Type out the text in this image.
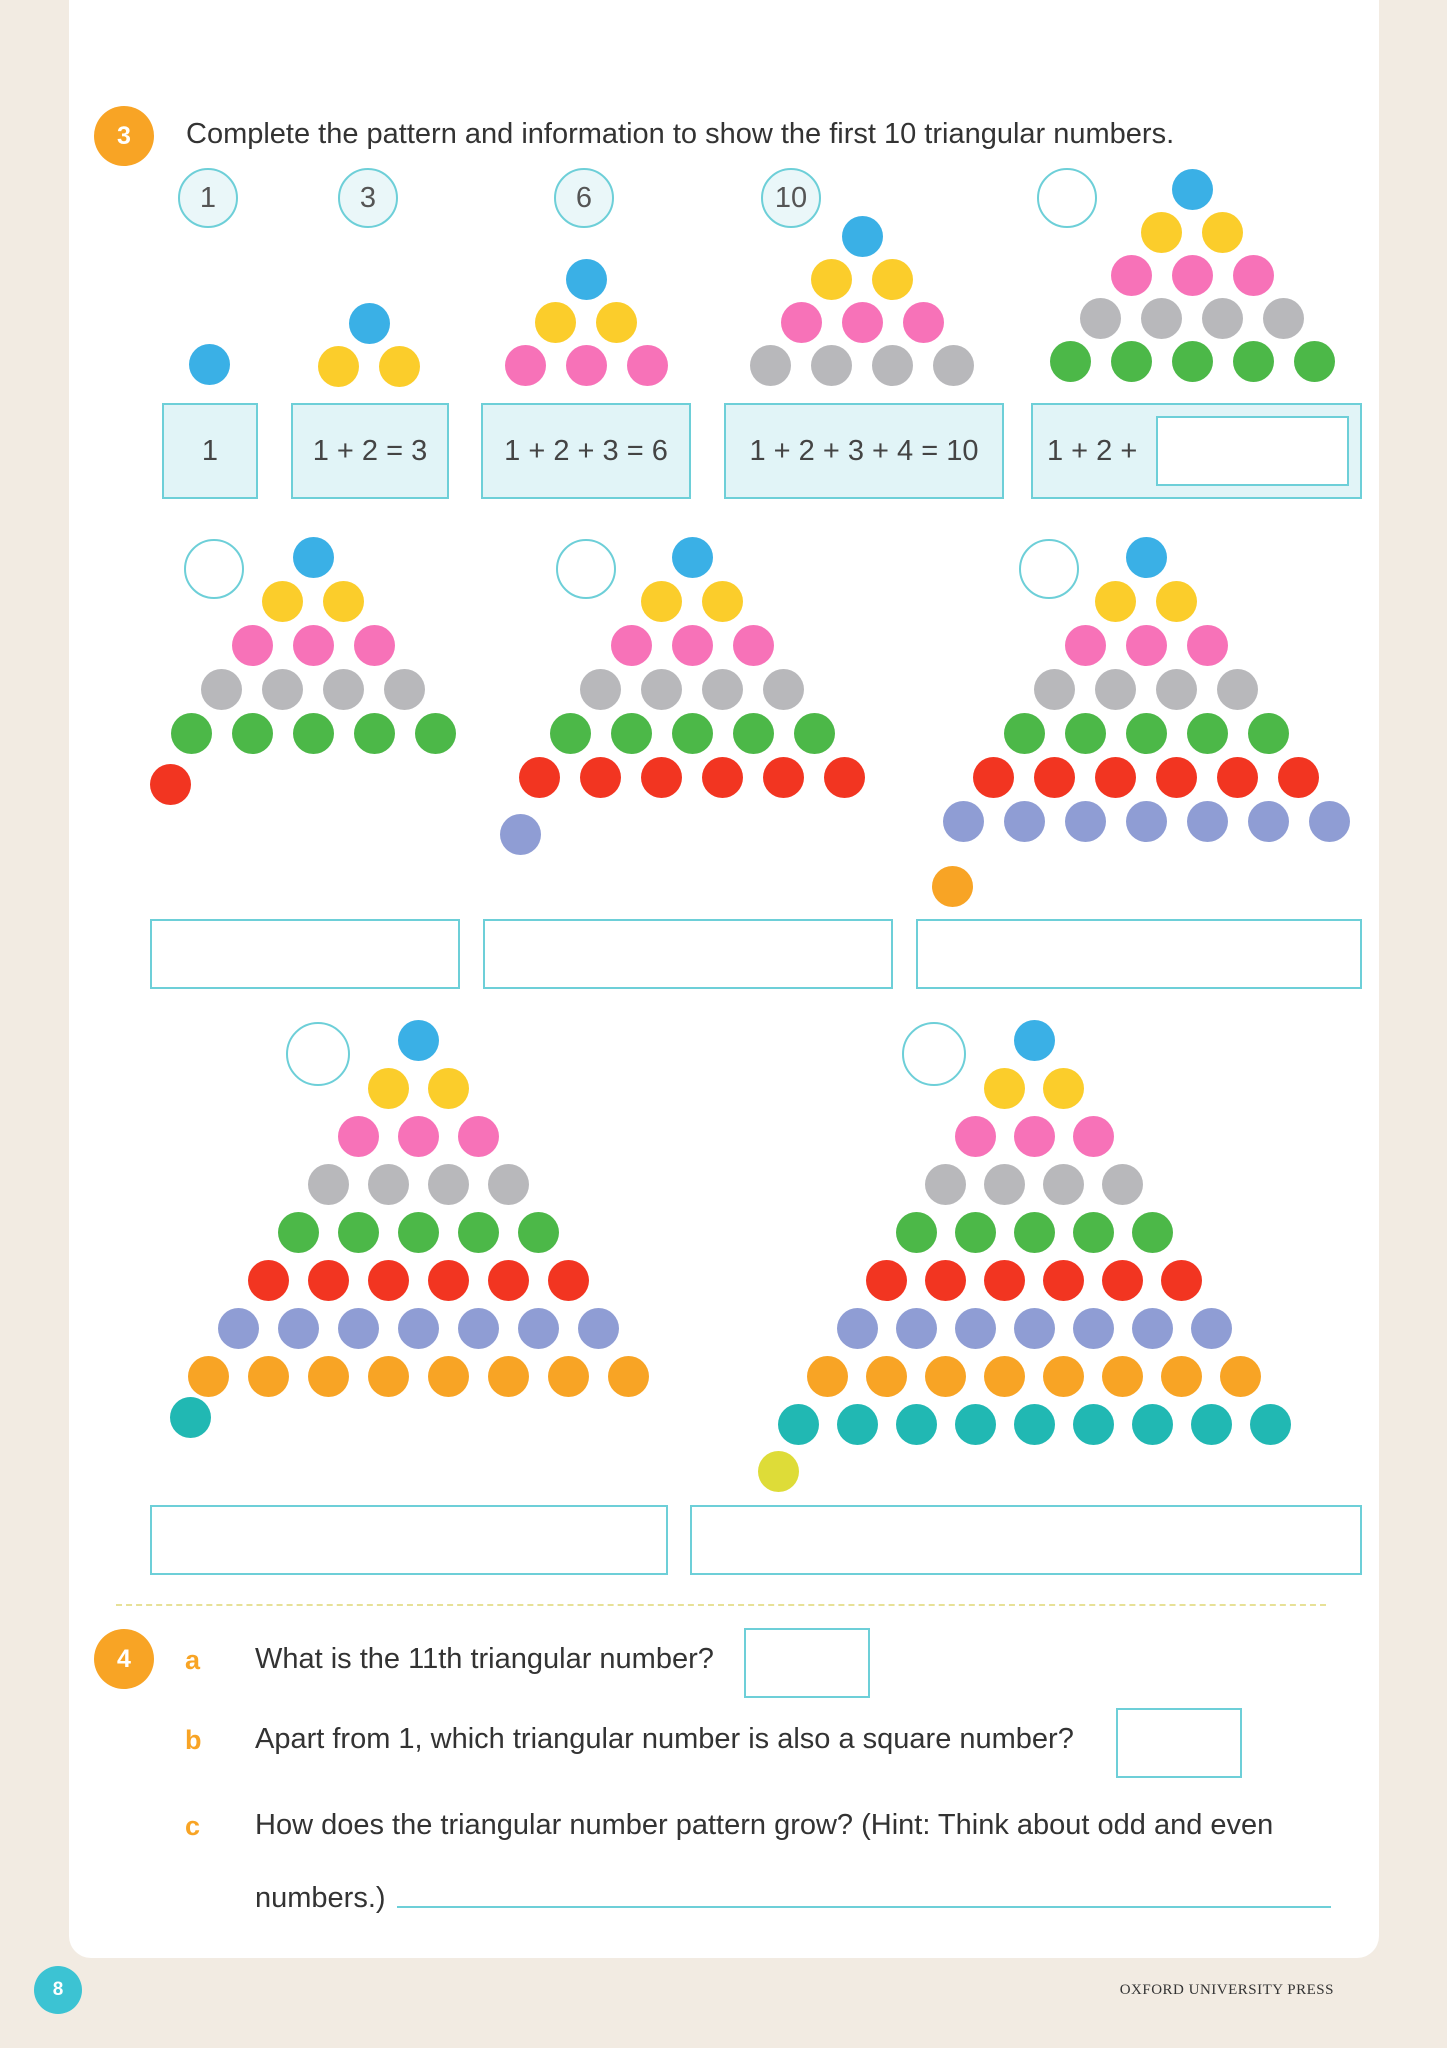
3	Complete the pattern and information to show the first 10 triangular numbers.
1	3	6	10
1	1 + 2 = 3	1 + 2 + 3 = 6	1 + 2 + 3 + 4 = 10	1 + 2 +
4	a What is the 11th triangular number?
b Apart from 1, which triangular number is also a square number?
c How does the triangular number pattern grow? (Hint: Think about odd and even
numbers.)
8	OXFORD UNIVERSITY PRESS
